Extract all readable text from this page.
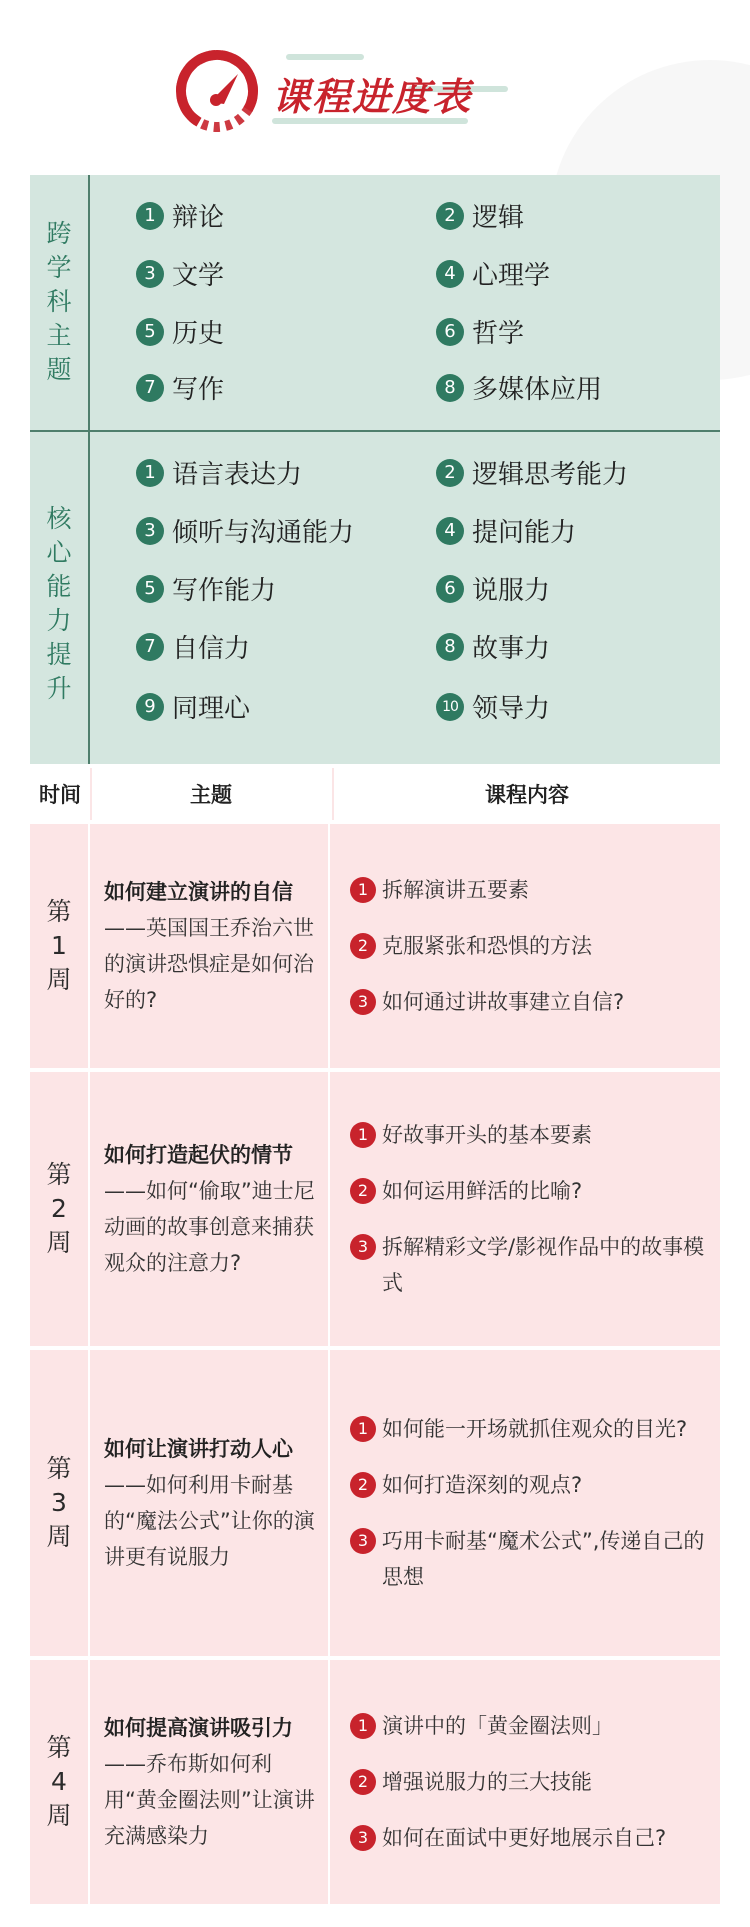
课程进度表
跨
学
科
主
题
1 辩论	2 逻辑
3 文学	4 心理学
5 历史	6 哲学
7 写作	8 多媒体应用
核
心
能
力
提
升
1 语言表达力	2 逻辑思考能力
3 倾听与沟通能力	4 提问能力
5 写作能力	6 说服力
7 自信力	8 故事力
9 同理心	10 领导力
时间	主题	课程内容
第
1
周
如何建立演讲的自信
——英国国王乔治六世的演讲恐惧症是如何治好的?
1 拆解演讲五要素
2 克服紧张和恐惧的方法
3 如何通过讲故事建立自信?
第
2
周
如何打造起伏的情节
——如何“偷取”迪士尼动画的故事创意来捕获观众的注意力?
1 好故事开头的基本要素
2 如何运用鲜活的比喻?
3 拆解精彩文学/影视作品中的故事模式
第
3
周
如何让演讲打动人心
——如何利用卡耐基的“魔法公式”让你的演讲更有说服力
1 如何能一开场就抓住观众的目光?
2 如何打造深刻的观点?
3 巧用卡耐基“魔术公式”,传递自己的思想
第
4
周
如何提高演讲吸引力
——乔布斯如何利用“黄金圈法则”让演讲充满感染力
1 演讲中的「黄金圈法则」
2 增强说服力的三大技能
3 如何在面试中更好地展示自己?
